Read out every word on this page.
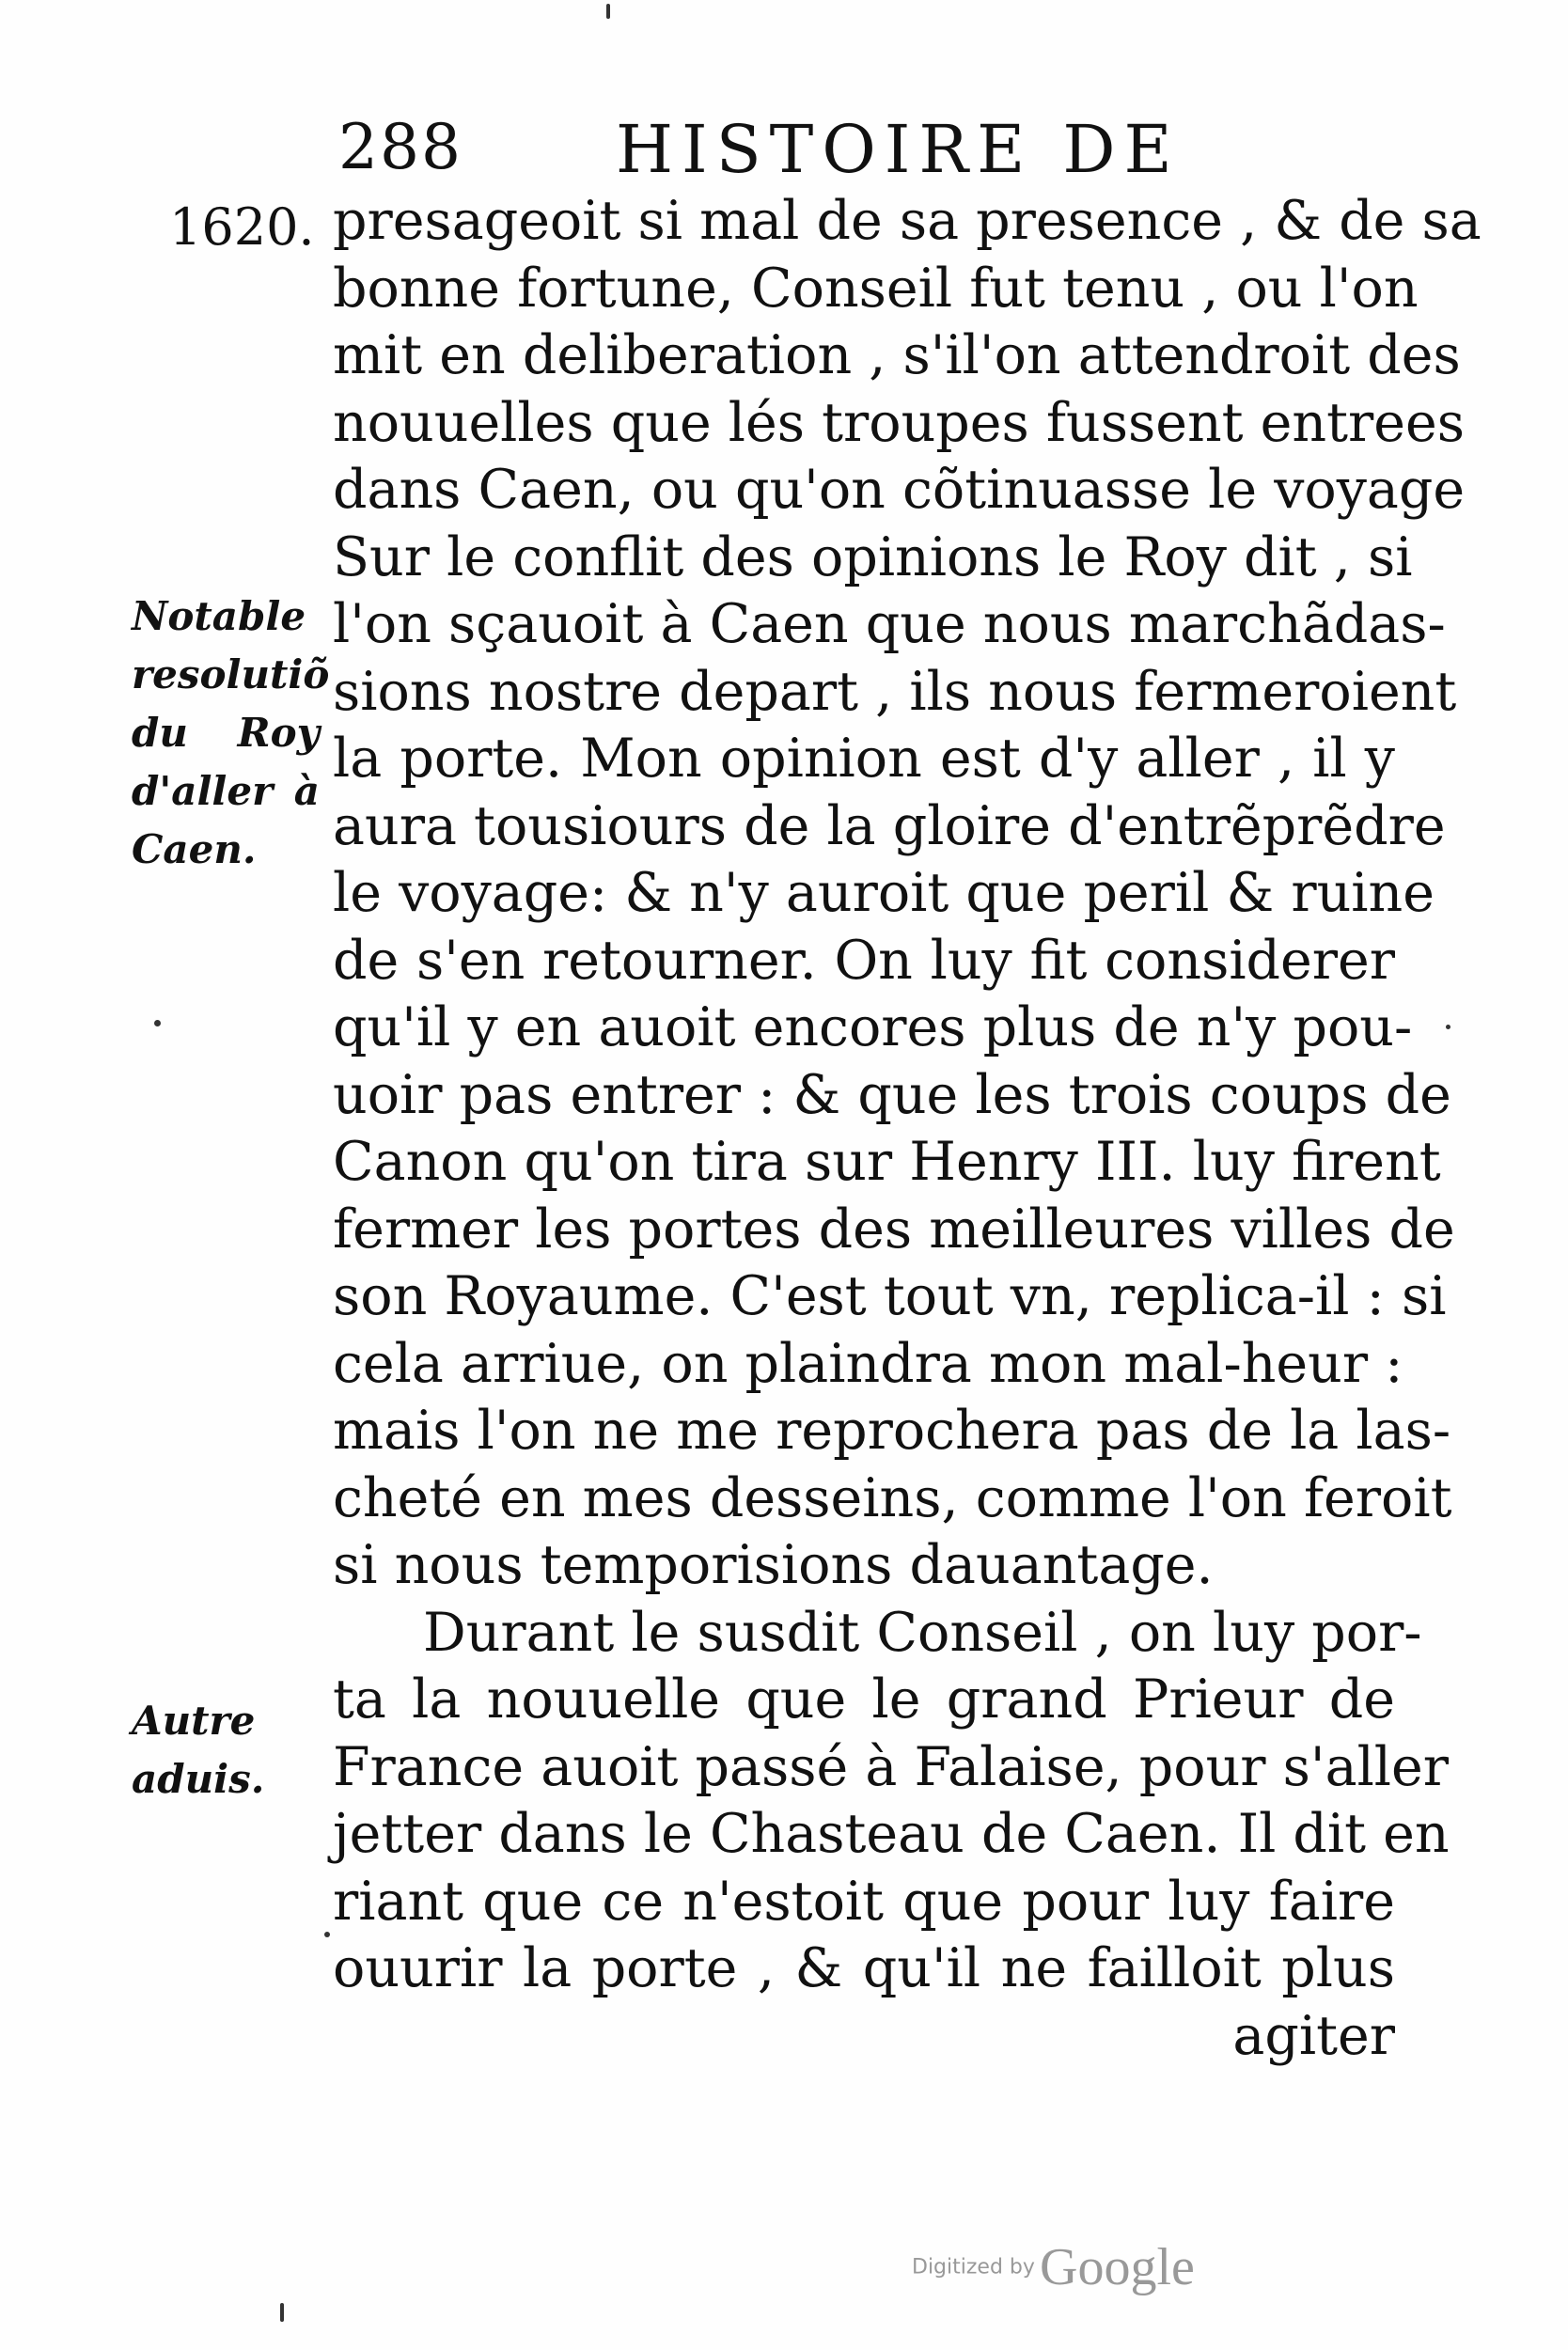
288 HISTOIRE DE
1620.
Notable
resolutiõ
du Roy
d'aller à
Caen.
Autre
aduis.
presageoit si mal de sa presence , & de sa
bonne fortune, Conseil fut tenu , ou l'on
mit en deliberation , s'il'on attendroit des
nouuelles que lés troupes fussent entrees
dans Caen, ou qu'on cõtinuasse le voyage
Sur le conflit des opinions le Roy dit , si
l'on sçauoit à Caen que nous marchãdas-
sions nostre depart , ils nous fermeroient
la porte. Mon opinion est d'y aller , il y
aura tousiours de la gloire d'entrẽprẽdre
le voyage: & n'y auroit que peril & ruine
de s'en retourner. On luy fit considerer
qu'il y en auoit encores plus de n'y pou-
uoir pas entrer : & que les trois coups de
Canon qu'on tira sur Henry III. luy firent
fermer les portes des meilleures villes de
son Royaume. C'est tout vn, replica-il : si
cela arriue, on plaindra mon mal-heur :
mais l'on ne me reprochera pas de la las-
cheté en mes desseins, comme l'on feroit
si nous temporisions dauantage.
Durant le susdit Conseil , on luy por-
ta la nouuelle que le grand Prieur de
France auoit passé à Falaise, pour s'aller
jetter dans le Chasteau de Caen. Il dit en
riant que ce n'estoit que pour luy faire
ouurir la porte , & qu'il ne failloit plus
agiter
Digitized by Google
